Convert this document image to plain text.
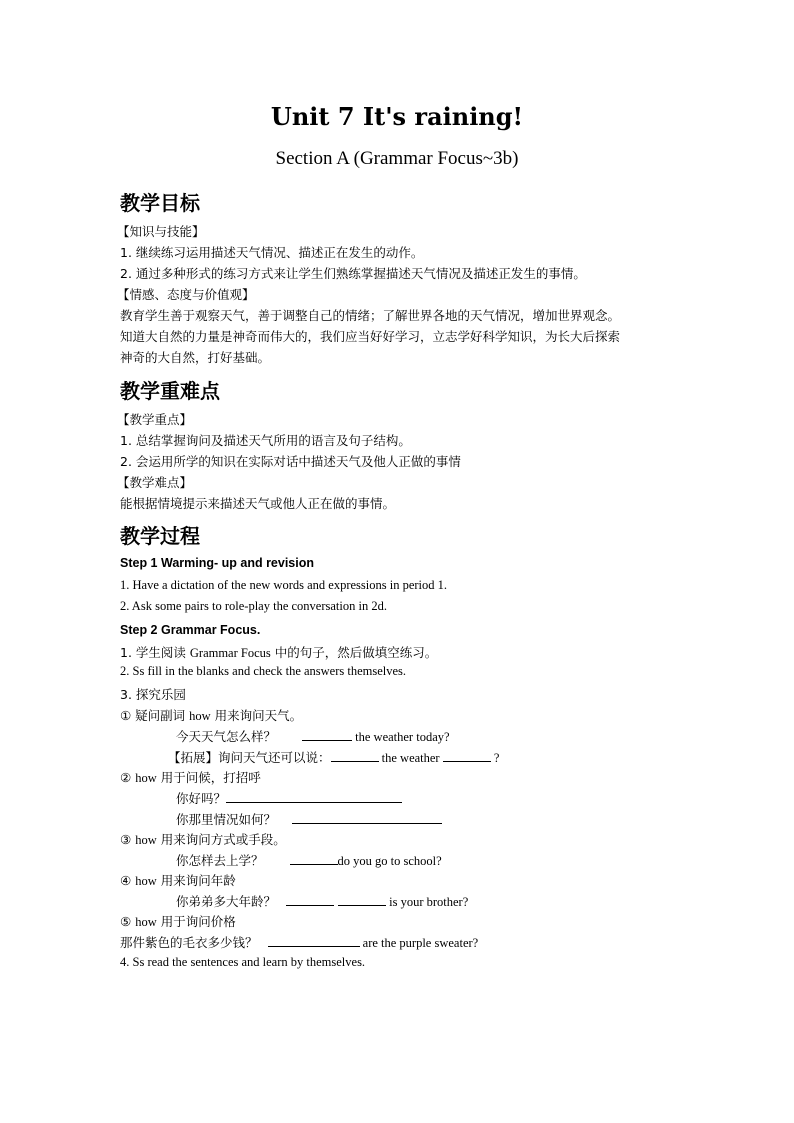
Unit 7 It's raining!
Section A (Grammar Focus~3b)
教学目标
【知识与技能】
1. 继续练习运用描述天气情况、描述正在发生的动作。
2. 通过多种形式的练习方式来让学生们熟练掌握描述天气情况及描述正发生的事情。
【情感、态度与价值观】
教育学生善于观察天气，善于调整自己的情绪；了解世界各地的天气情况，增加世界观念。
知道大自然的力量是神奇而伟大的，我们应当好好学习，立志学好科学知识，为长大后探索
神奇的大自然，打好基础。
教学重难点
【教学重点】
1. 总结掌握询问及描述天气所用的语言及句子结构。
2. 会运用所学的知识在实际对话中描述天气及他人正做的事情
【教学难点】
能根据情境提示来描述天气或他人正在做的事情。
教学过程
Step 1 Warming- up and revision
1. Have a dictation of the new words and expressions in period 1.
2. Ask some pairs to role-play the conversation in 2d.
Step 2 Grammar Focus.
1. 学生阅读 Grammar Focus 中的句子，然后做填空练习。
2. Ss fill in the blanks and check the answers themselves.
3. 探究乐园
① 疑问副词 how 用来询问天气。
今天天气怎么样？	the weather today?
【拓展】询问天气还可以说：	the weather	?
② how 用于问候，打招呼
你好吗？
你那里情况如何？
③ how 用来询问方式或手段。
你怎样去上学？	do you go to school?
④ how 用来询问年龄
你弟弟多大年龄？	is your brother?
⑤ how 用于询问价格
那件紫色的毛衣多少钱？	are the purple sweater?
4. Ss read the sentences and learn by themselves.
